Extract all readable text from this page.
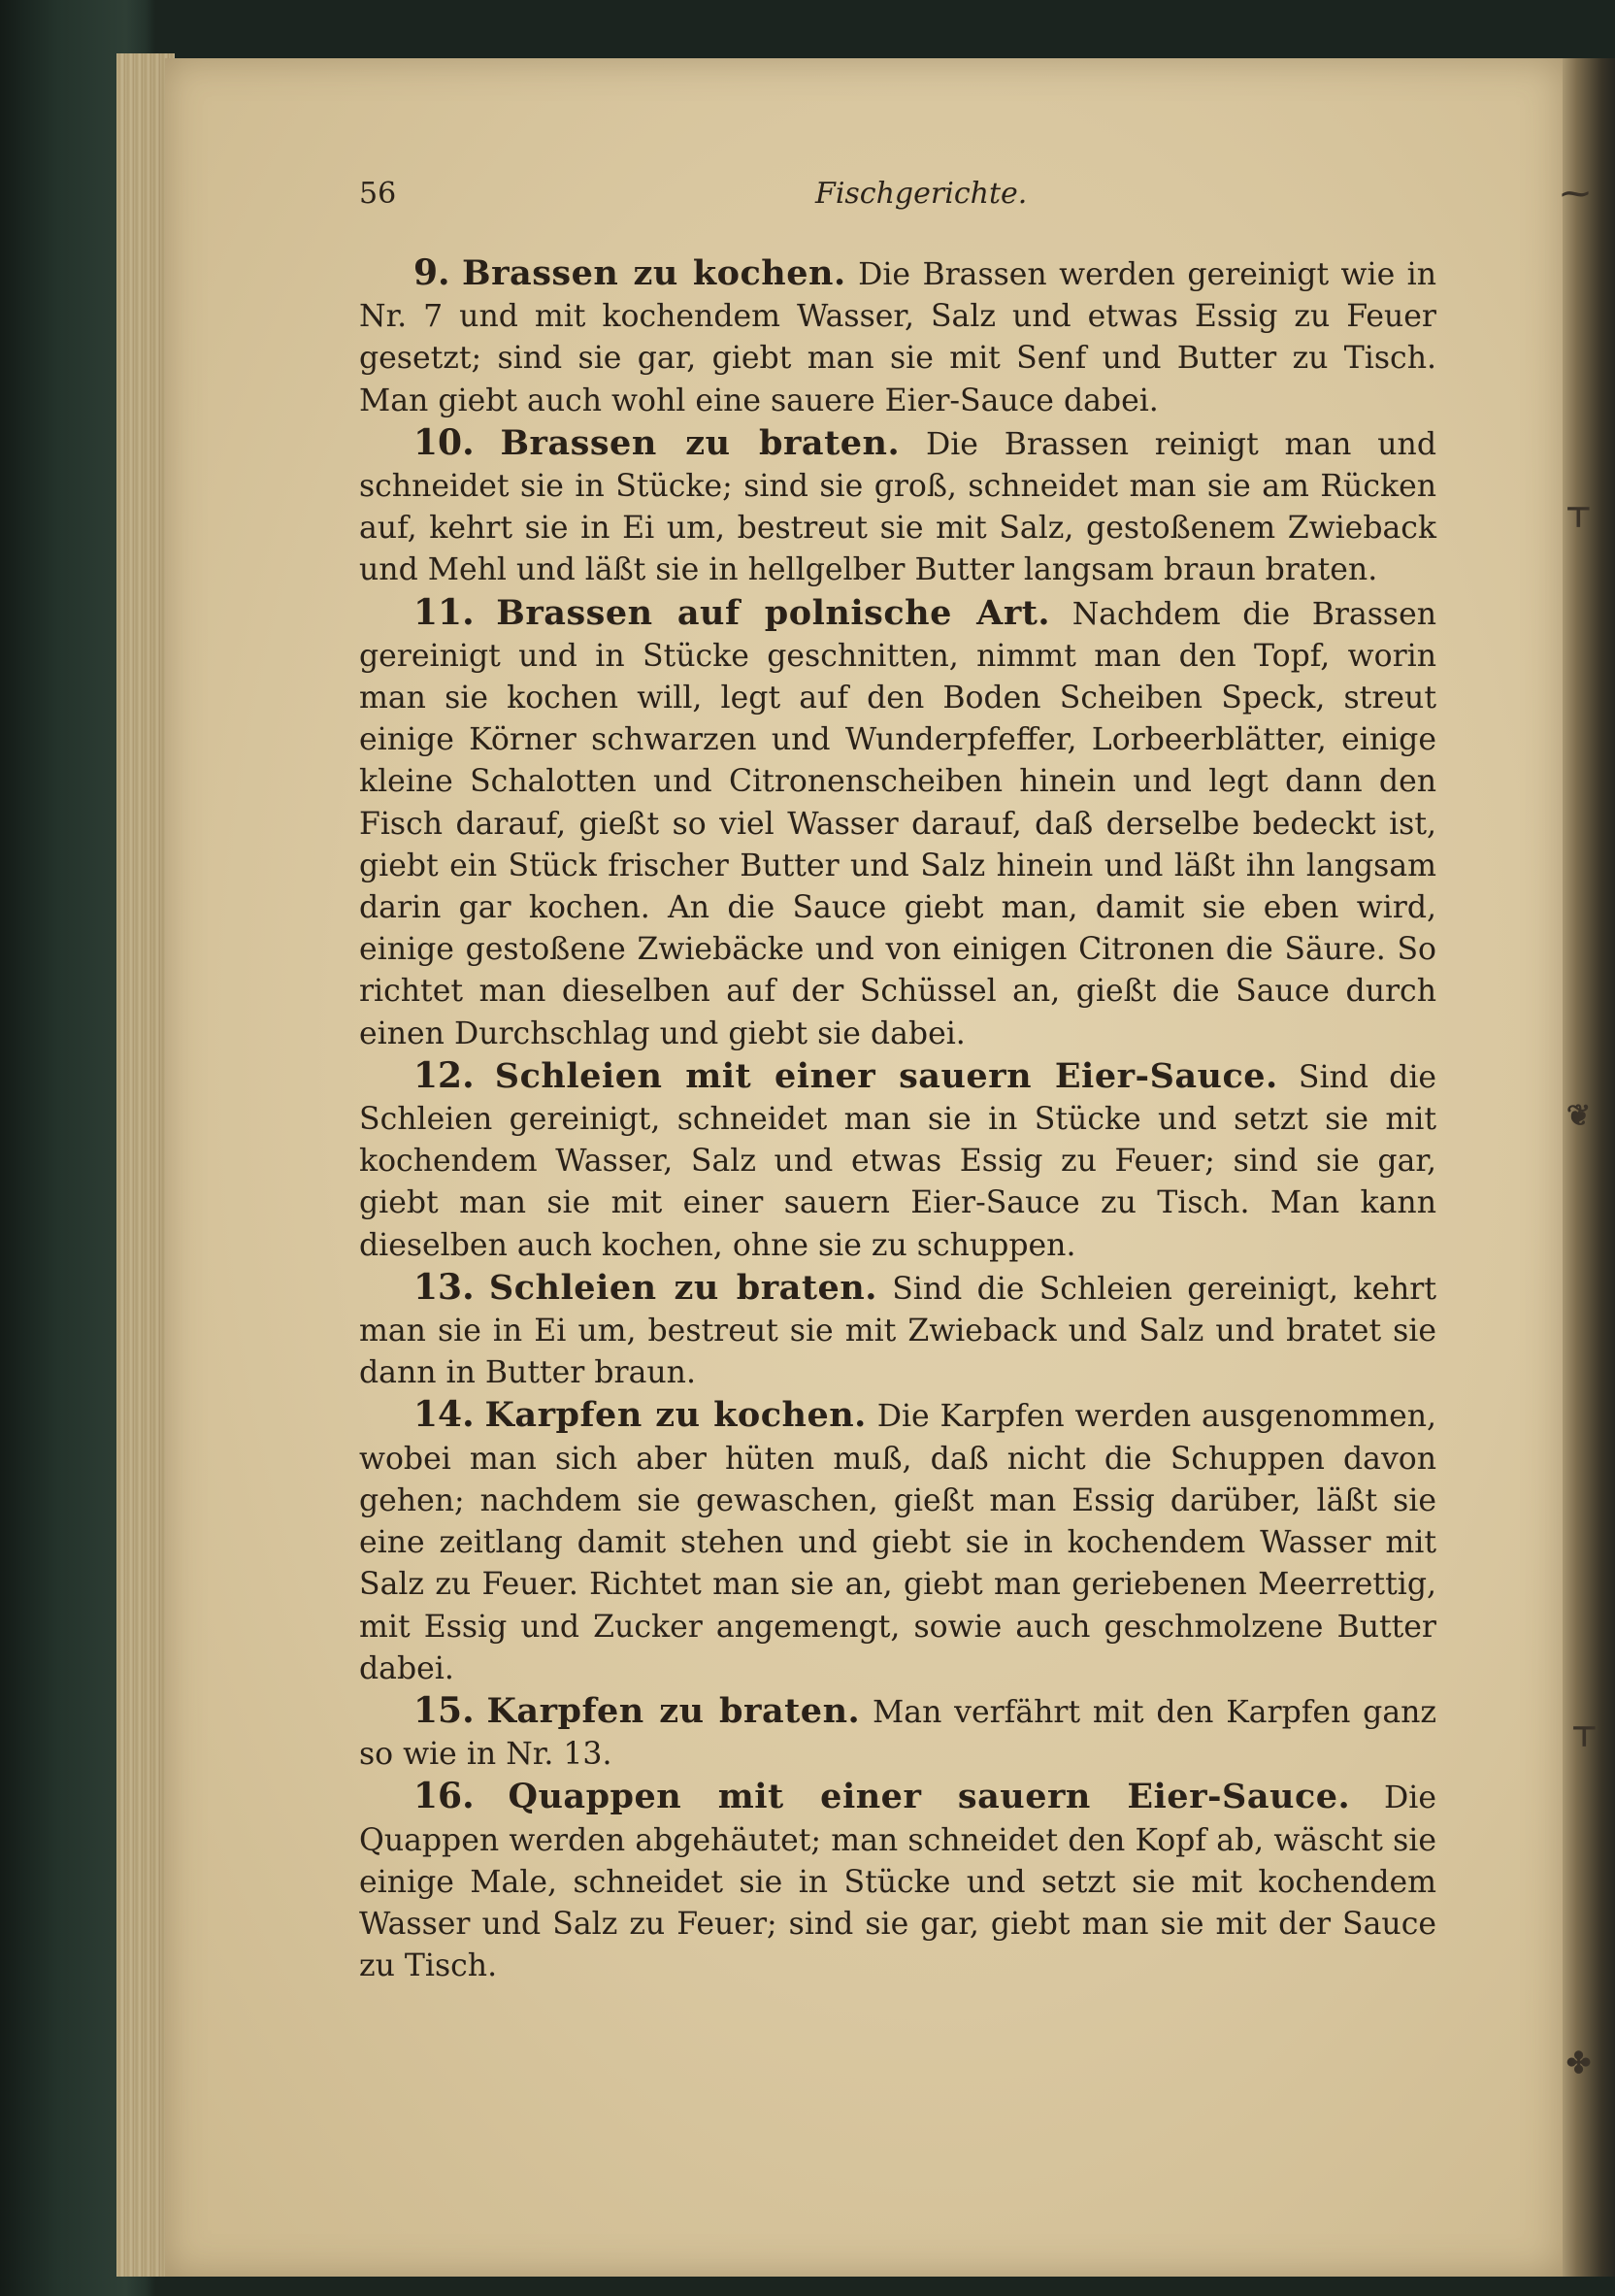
56	Fischgerichte.	⁓
⊤
❦
⊤
✤

9. Brassen zu kochen. Die Brassen werden gereinigt wie in Nr. 7 und mit kochendem Wasser, Salz und etwas Essig zu Feuer gesetzt; sind sie gar, giebt man sie mit Senf und Butter zu Tisch. Man giebt auch wohl eine sauere Eier-Sauce dabei.

10. Brassen zu braten. Die Brassen reinigt man und schneidet sie in Stücke; sind sie groß, schneidet man sie am Rücken auf, kehrt sie in Ei um, bestreut sie mit Salz, gestoßenem Zwieback und Mehl und läßt sie in hellgelber Butter langsam braun braten.

11. Brassen auf polnische Art. Nachdem die Brassen gereinigt und in Stücke geschnitten, nimmt man den Topf, worin man sie kochen will, legt auf den Boden Scheiben Speck, streut einige Körner schwarzen und Wunderpfeffer, Lorbeerblätter, einige kleine Schalotten und Citronenscheiben hinein und legt dann den Fisch darauf, gießt so viel Wasser darauf, daß derselbe bedeckt ist, giebt ein Stück frischer Butter und Salz hinein und läßt ihn langsam darin gar kochen. An die Sauce giebt man, damit sie eben wird, einige gestoßene Zwiebäcke und von einigen Citronen die Säure. So richtet man dieselben auf der Schüssel an, gießt die Sauce durch einen Durchschlag und giebt sie dabei.

12. Schleien mit einer sauern Eier-Sauce. Sind die Schleien gereinigt, schneidet man sie in Stücke und setzt sie mit kochendem Wasser, Salz und etwas Essig zu Feuer; sind sie gar, giebt man sie mit einer sauern Eier-Sauce zu Tisch. Man kann dieselben auch kochen, ohne sie zu schuppen.

13. Schleien zu braten. Sind die Schleien gereinigt, kehrt man sie in Ei um, bestreut sie mit Zwieback und Salz und bratet sie dann in Butter braun.

14. Karpfen zu kochen. Die Karpfen werden ausgenommen, wobei man sich aber hüten muß, daß nicht die Schuppen davon gehen; nachdem sie gewaschen, gießt man Essig darüber, läßt sie eine zeitlang damit stehen und giebt sie in kochendem Wasser mit Salz zu Feuer. Richtet man sie an, giebt man geriebenen Meerrettig, mit Essig und Zucker angemengt, sowie auch geschmolzene Butter dabei.

15. Karpfen zu braten. Man verfährt mit den Karpfen ganz so wie in Nr. 13.

16. Quappen mit einer sauern Eier-Sauce. Die Quappen werden abgehäutet; man schneidet den Kopf ab, wäscht sie einige Male, schneidet sie in Stücke und setzt sie mit kochendem Wasser und Salz zu Feuer; sind sie gar, giebt man sie mit der Sauce zu Tisch.
